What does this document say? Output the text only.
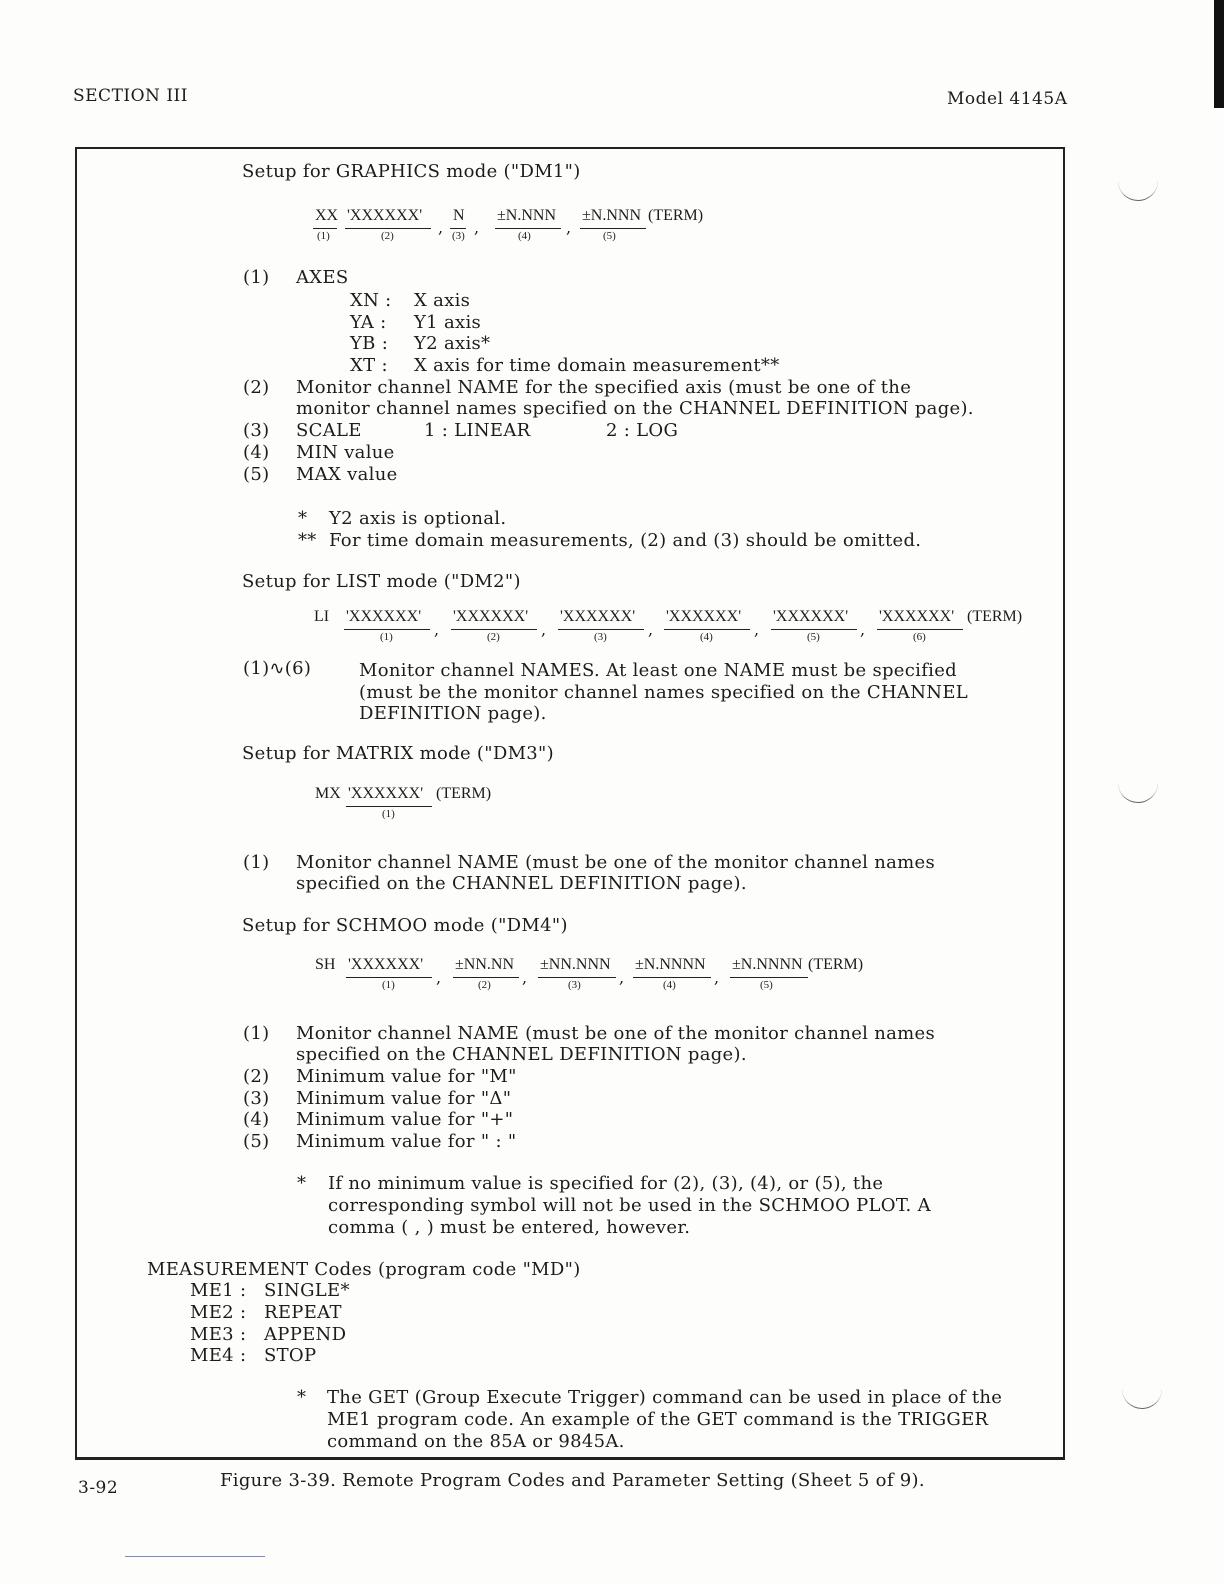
SECTION III	Model 4145A
Setup for GRAPHICS mode ("DM1")
XX 'XXXXXX' N ±N.NNN ±N.NNN (TERM)
(1)	(2)	(3)	(4)	(5)
, ,	,
(1) AXES
XN : X axis
YA : Y1 axis
YB : Y2 axis*
XT : X axis for time domain measurement**
(2) Monitor channel NAME for the specified axis (must be one of the
monitor channel names specified on the CHANNEL DEFINITION page).
(3) SCALE	1 : LINEAR	2 : LOG
(4) MIN value
(5) MAX value
* Y2 axis is optional.
** For time domain measurements, (2) and (3) should be omitted.
Setup for LIST mode ("DM2")
LI 'XXXXXX' 'XXXXXX' 'XXXXXX' 'XXXXXX' 'XXXXXX' 'XXXXXX' (TERM)
(1)	(2)	(3)	(4)	(5)	(6)
,	,	,	,	,
(1)∿(6)	Monitor channel NAMES. At least one NAME must be specified
(must be the monitor channel names specified on the CHANNEL
DEFINITION page).
Setup for MATRIX mode ("DM3")
MX 'XXXXXX' (TERM)
(1)
(1) Monitor channel NAME (must be one of the monitor channel names
specified on the CHANNEL DEFINITION page).
Setup for SCHMOO mode ("DM4")
SH 'XXXXXX' ±NN.NN ±NN.NNN ±N.NNNN ±N.NNNN (TERM)
(1)	(2)	(3)	(4)	(5)
,	,	,	,
(1) Monitor channel NAME (must be one of the monitor channel names
specified on the CHANNEL DEFINITION page).
(2) Minimum value for "M"
(3) Minimum value for "Δ"
(4) Minimum value for "+"
(5) Minimum value for " : "
* If no minimum value is specified for (2), (3), (4), or (5), the
corresponding symbol will not be used in the SCHMOO PLOT. A
comma ( , ) must be entered, however.
MEASUREMENT Codes (program code "MD")
ME1 : SINGLE*
ME2 : REPEAT
ME3 : APPEND
ME4 : STOP
* The GET (Group Execute Trigger) command can be used in place of the
ME1 program code. An example of the GET command is the TRIGGER
command on the 85A or 9845A.
3-92	Figure 3-39. Remote Program Codes and Parameter Setting (Sheet 5 of 9).
